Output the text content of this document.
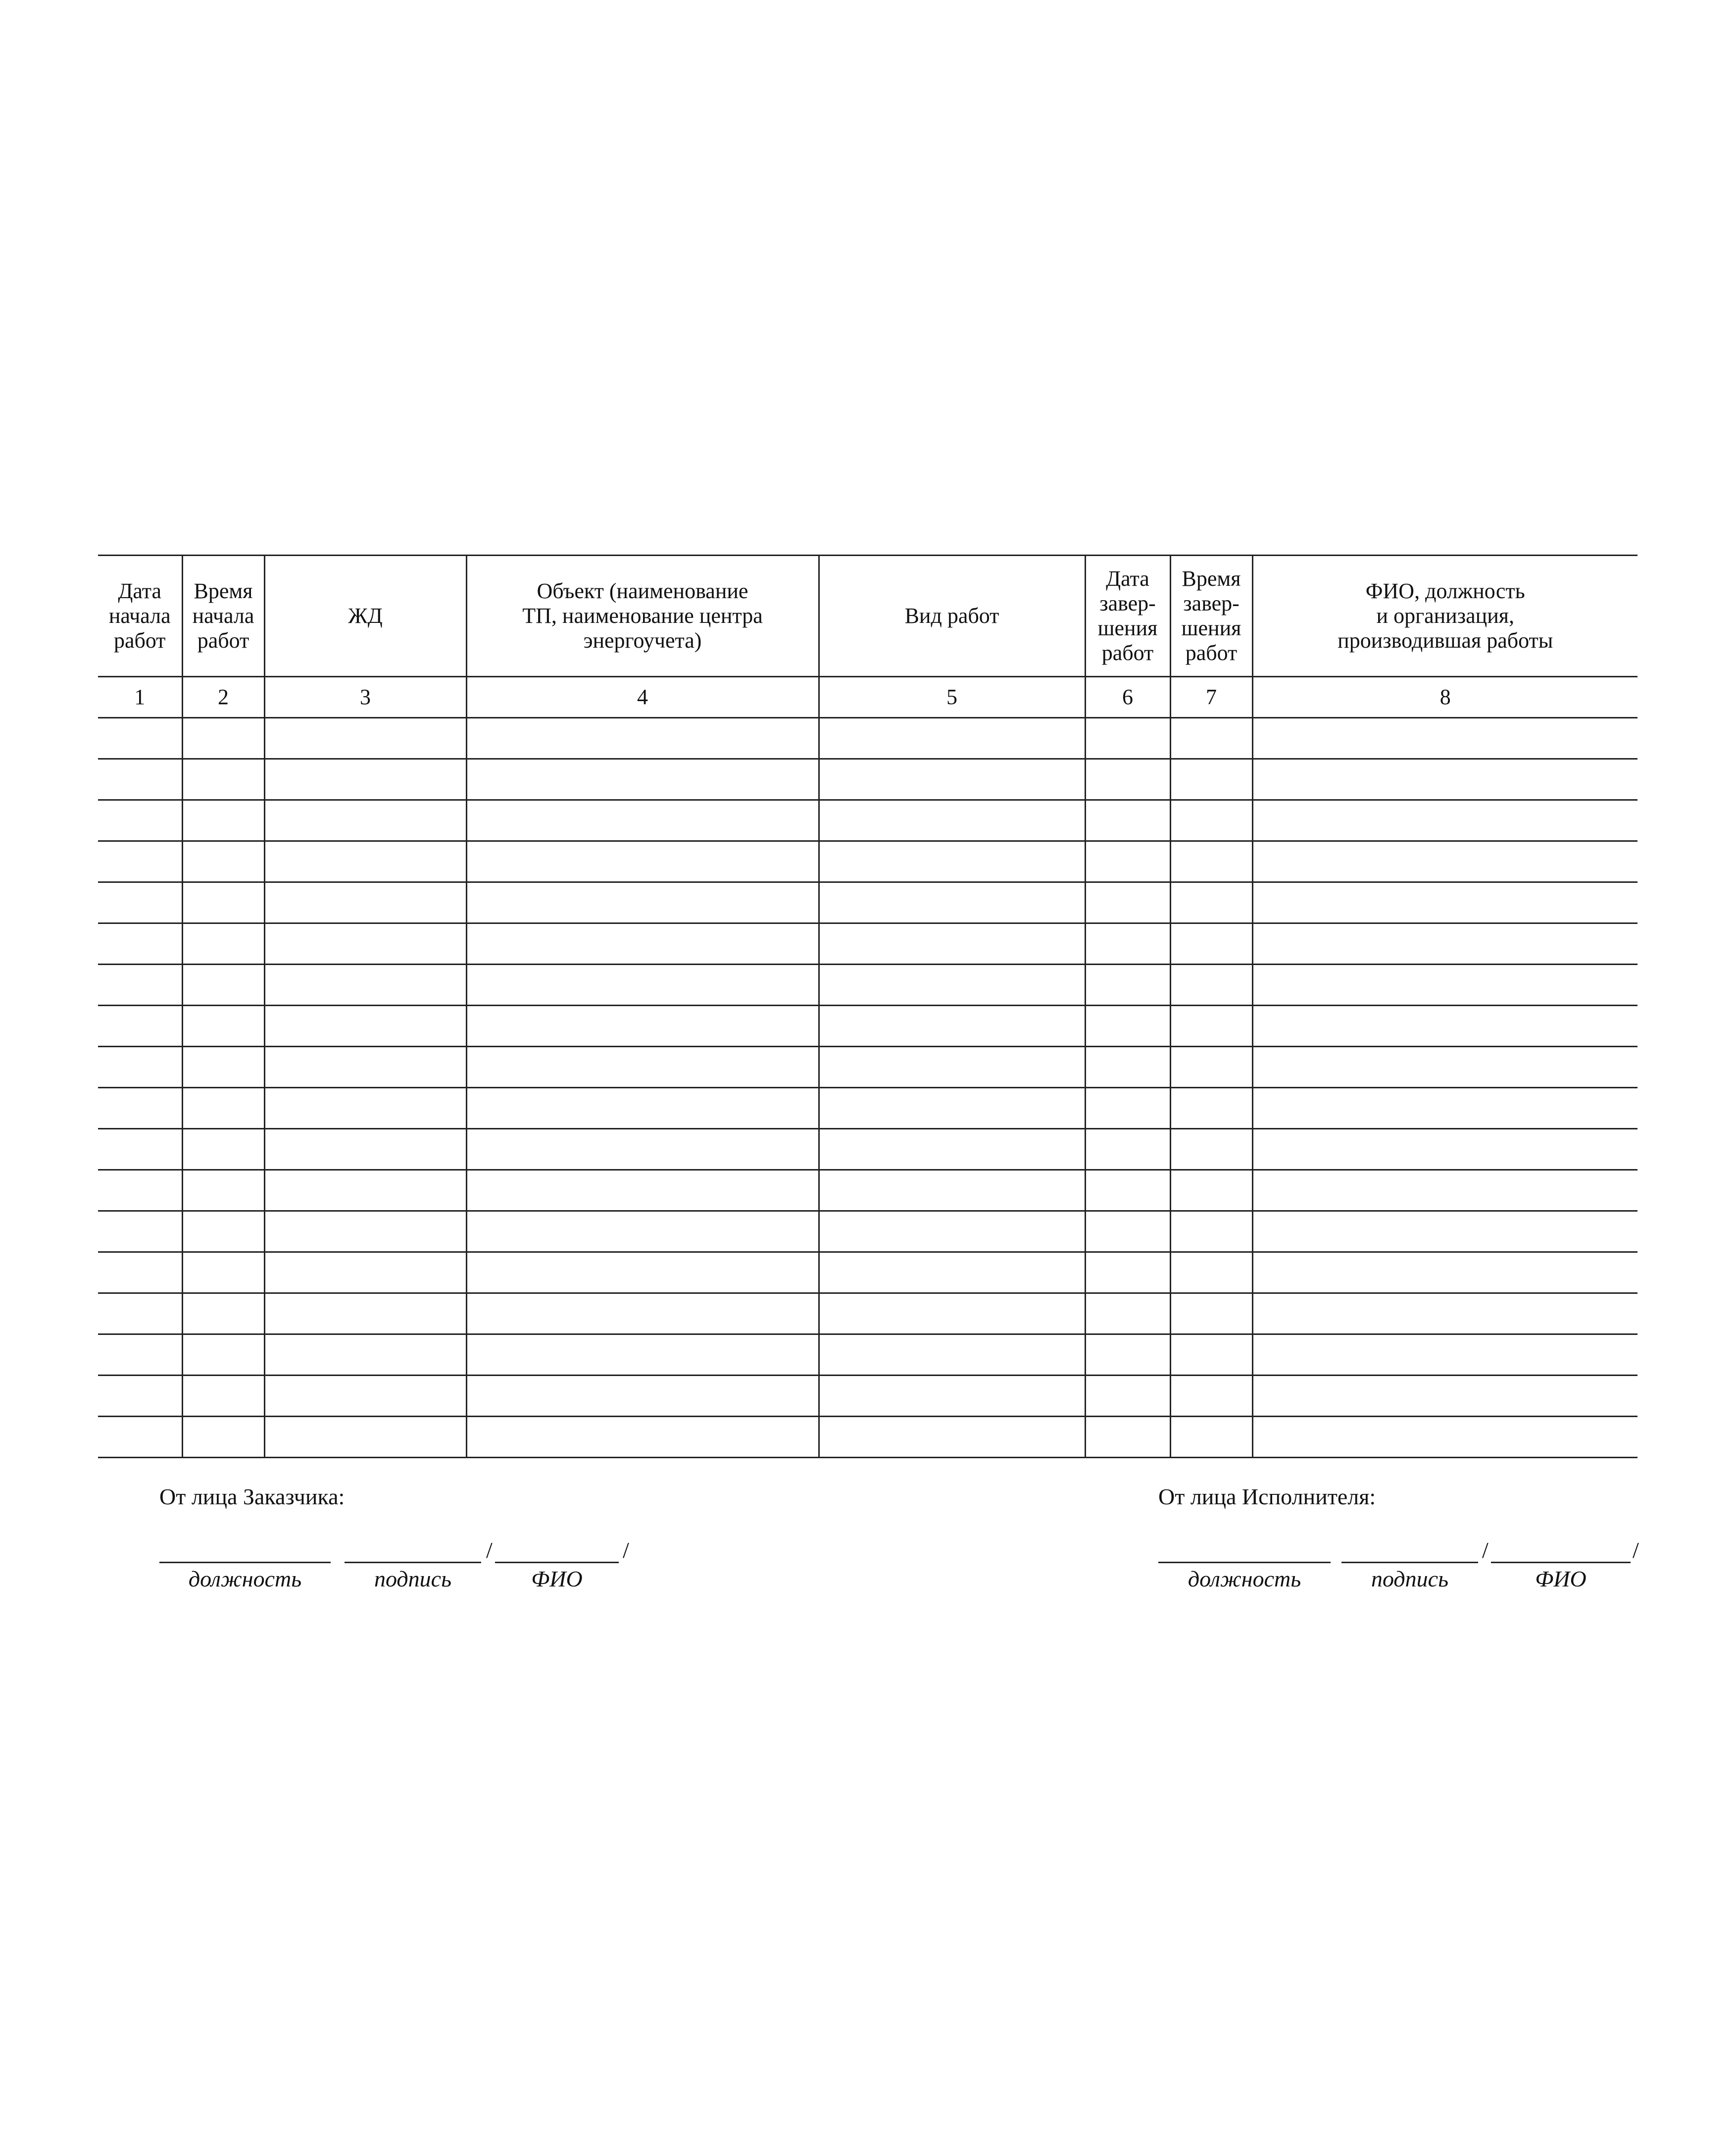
Дата
начала
работ	Время
начала
работ	ЖД	Объект (наименование
ТП, наименование центра
энергоучета)	Вид работ	Дата
завер-
шения
работ	Время
завер-
шения
работ	ФИО, должность
и организация,
производившая работы
1	2	3	4	5	6	7	8

От лица Заказчика:
/	/
должность	подпись	ФИО
От лица Исполнителя:
/	/
должность	подпись	ФИО
